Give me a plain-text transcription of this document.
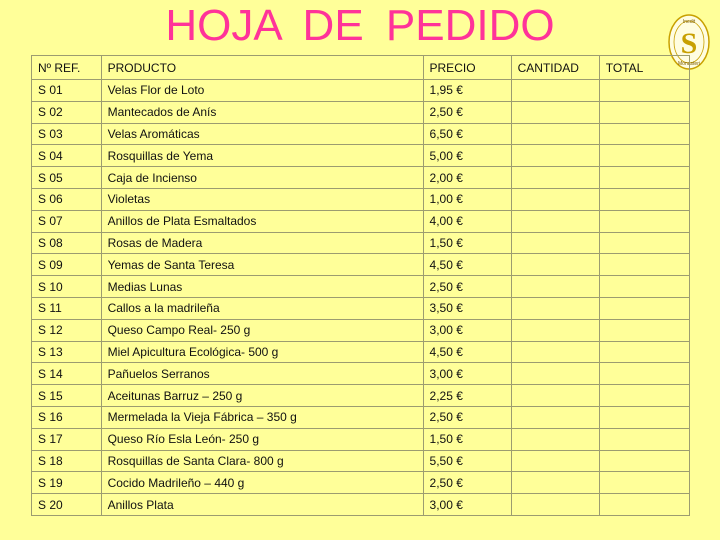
HOJA DE PEDIDO	S
Inedit
Monasteri
Nº REF.	PRODUCTO	PRECIO	CANTIDAD	TOTAL
S 01	Velas Flor de Loto	1,95 €		
S 02	Mantecados de Anís	2,50 €		
S 03	Velas Aromáticas	6,50 €		
S 04	Rosquillas de Yema	5,00 €		
S 05	Caja de Incienso	2,00 €		
S 06	Violetas	1,00 €		
S 07	Anillos de Plata Esmaltados	4,00 €		
S 08	Rosas de Madera	1,50 €		
S 09	Yemas de Santa Teresa	4,50 €		
S 10	Medias Lunas	2,50 €		
S 11	Callos a la madrileña	3,50 €		
S 12	Queso Campo Real- 250 g	3,00 €		
S 13	Miel Apicultura Ecológica- 500 g	4,50 €		
S 14	Pañuelos Serranos	3,00 €		
S 15	Aceitunas Barruz – 250 g	2,25 €		
S 16	Mermelada la Vieja Fábrica – 350 g	2,50 €		
S 17	Queso Río Esla León- 250 g	1,50 €		
S 18	Rosquillas de Santa Clara- 800 g	5,50 €		
S 19	Cocido Madrileño – 440 g	2,50 €		
S 20	Anillos Plata	3,00 €		
